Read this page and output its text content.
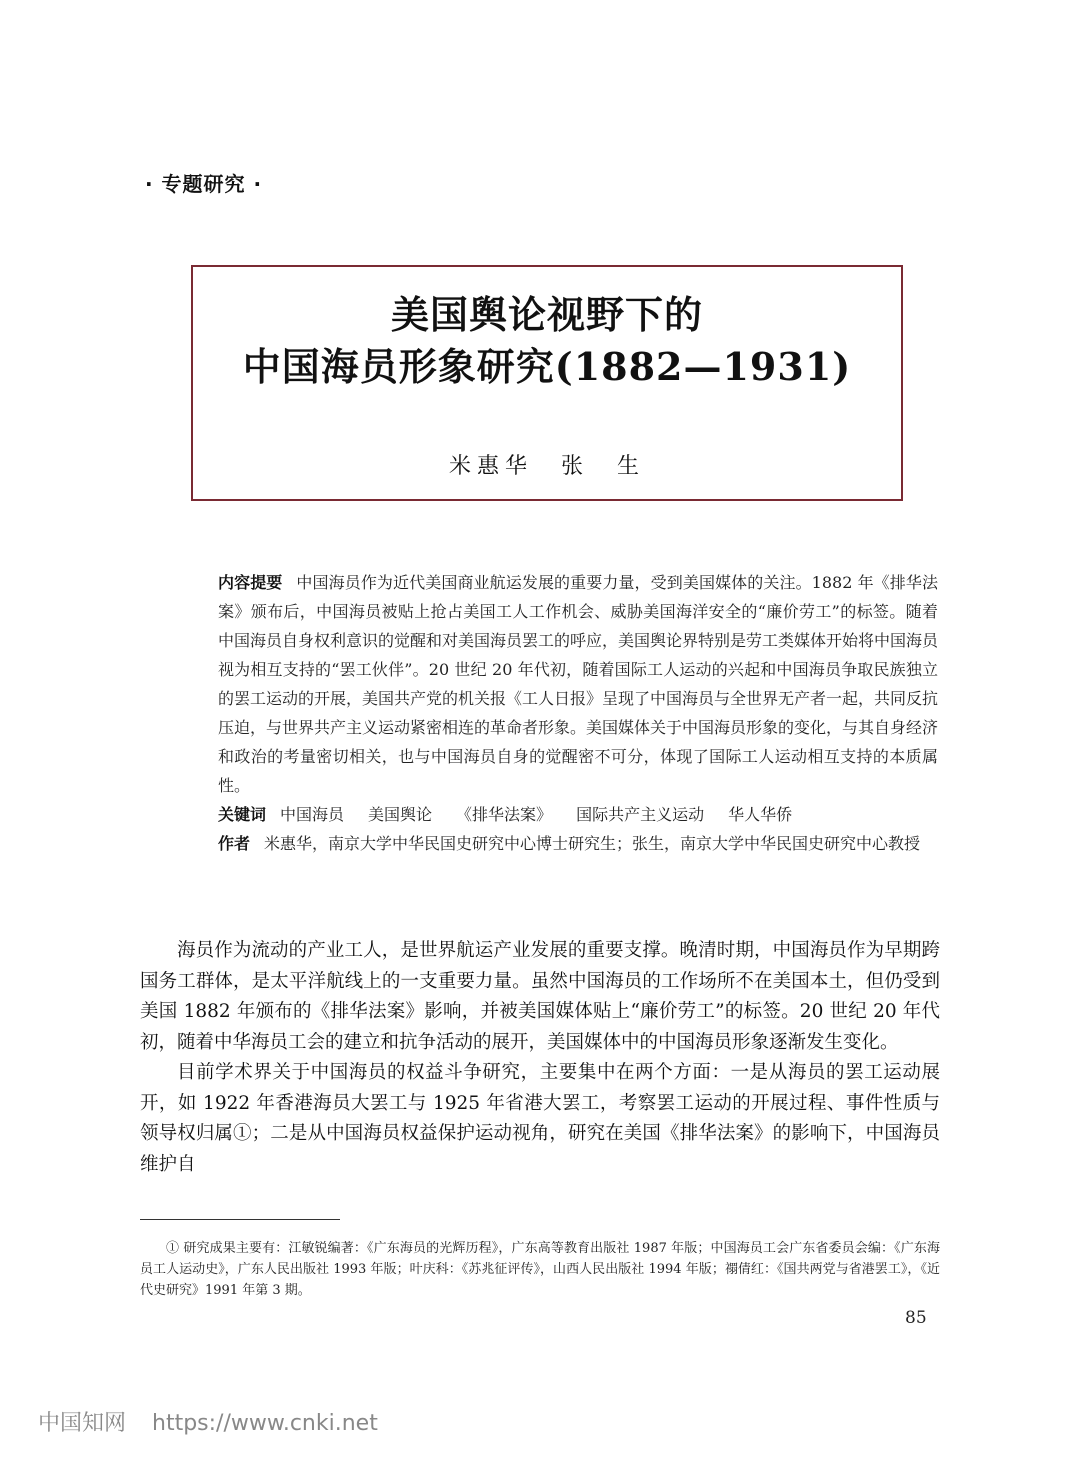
· 专题研究 ·
美国舆论视野下的
中国海员形象研究(1882—1931)
米惠华　张　生

内容提要 中国海员作为近代美国商业航运发展的重要力量，受到美国媒体的关注。1882 年《排华法案》颁布后，中国海员被贴上抢占美国工人工作机会、威胁美国海洋安全的“廉价劳工”的标签。随着中国海员自身权利意识的觉醒和对美国海员罢工的呼应，美国舆论界特别是劳工类媒体开始将中国海员视为相互支持的“罢工伙伴”。20 世纪 20 年代初，随着国际工人运动的兴起和中国海员争取民族独立的罢工运动的开展，美国共产党的机关报《工人日报》呈现了中国海员与全世界无产者一起，共同反抗压迫，与世界共产主义运动紧密相连的革命者形象。美国媒体关于中国海员形象的变化，与其自身经济和政治的考量密切相关，也与中国海员自身的觉醒密不可分，体现了国际工人运动相互支持的本质属性。

关键词 中国海员 美国舆论 《排华法案》 国际共产主义运动 华人华侨

作者 米惠华，南京大学中华民国史研究中心博士研究生；张生，南京大学中华民国史研究中心教授

海员作为流动的产业工人，是世界航运产业发展的重要支撑。晚清时期，中国海员作为早期跨国务工群体，是太平洋航线上的一支重要力量。虽然中国海员的工作场所不在美国本土，但仍受到美国 1882 年颁布的《排华法案》影响，并被美国媒体贴上“廉价劳工”的标签。20 世纪 20 年代初，随着中华海员工会的建立和抗争活动的展开，美国媒体中的中国海员形象逐渐发生变化。

目前学术界关于中国海员的权益斗争研究，主要集中在两个方面：一是从海员的罢工运动展开，如 1922 年香港海员大罢工与 1925 年省港大罢工，考察罢工运动的开展过程、事件性质与领导权归属①；二是从中国海员权益保护运动视角，研究在美国《排华法案》的影响下，中国海员维护自

① 研究成果主要有：江敏锐编著：《广东海员的光辉历程》，广东高等教育出版社 1987 年版；中国海员工会广东省委员会编：《广东海员工人运动史》，广东人民出版社 1993 年版；叶庆科：《苏兆征评传》，山西人民出版社 1994 年版；禤倩红：《国共两党与省港罢工》，《近代史研究》1991 年第 3 期。
85
中国知网 https://www.cnki.net
